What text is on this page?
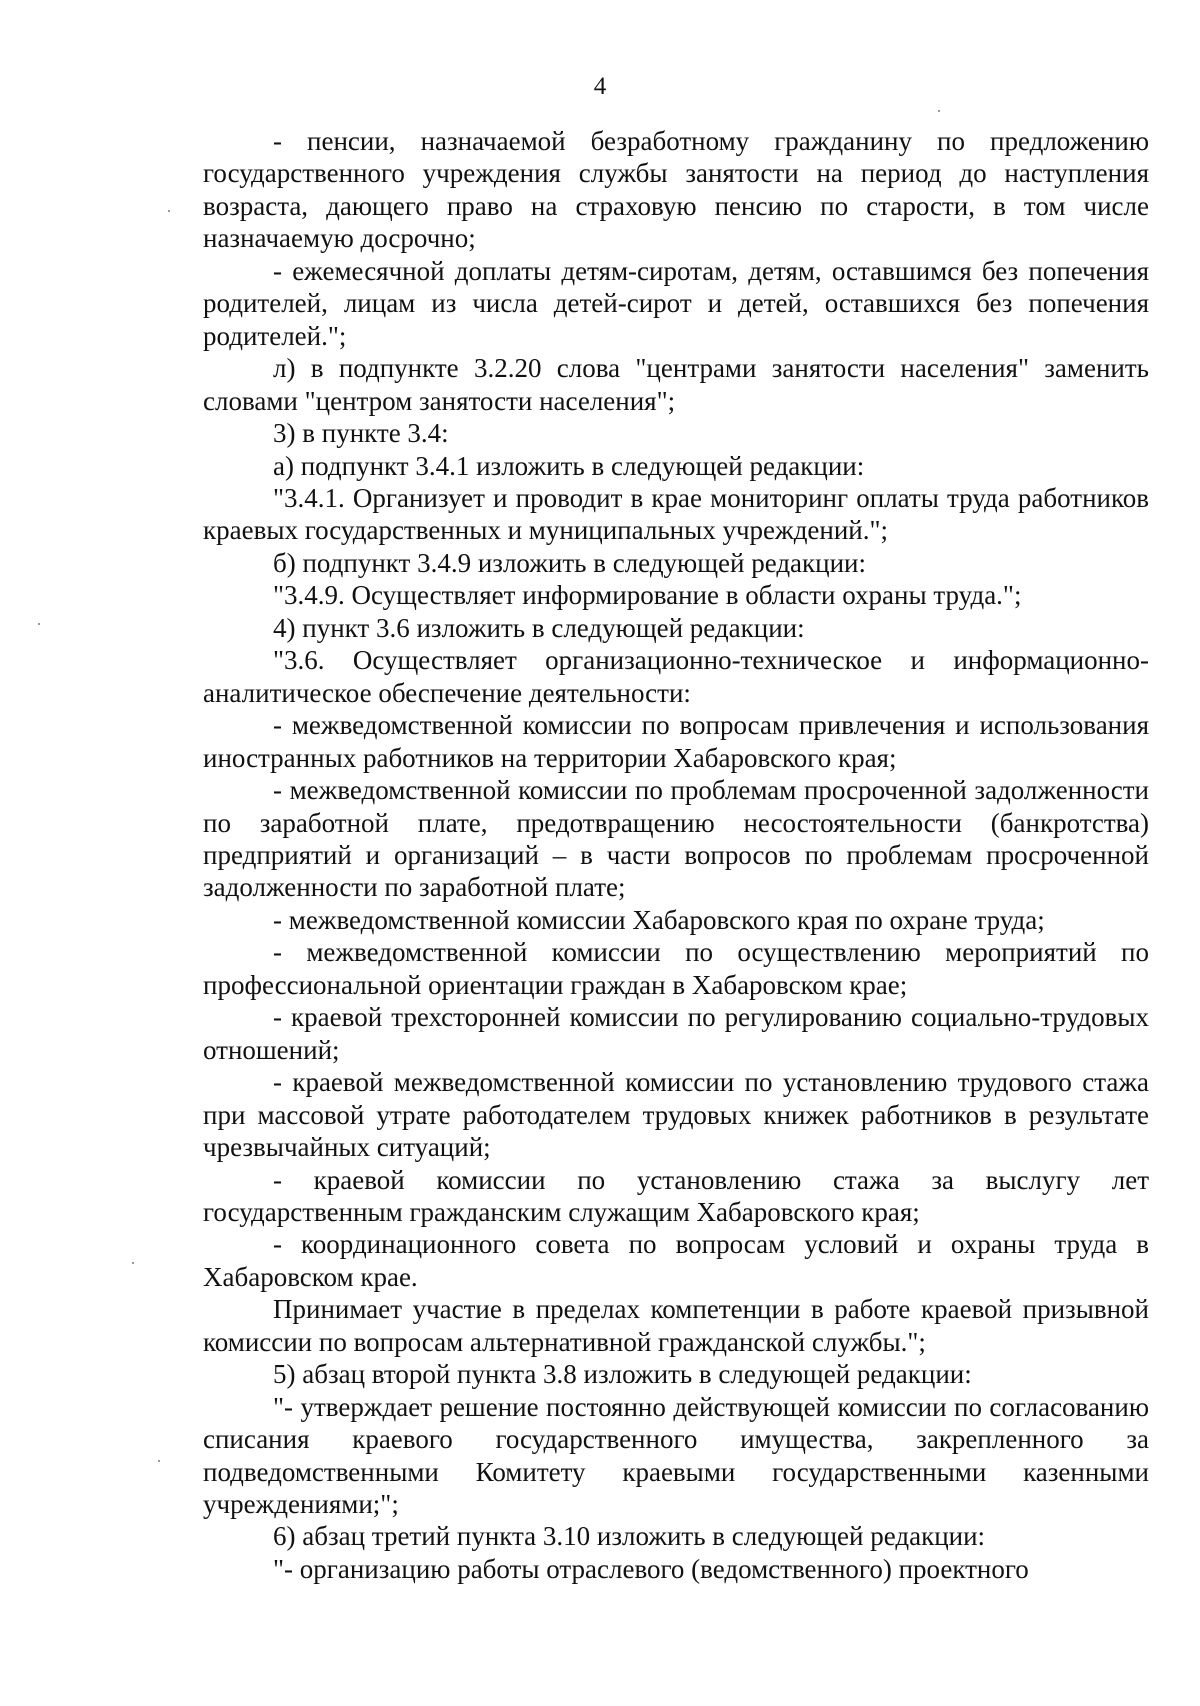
4

- пенсии, назначаемой безработному гражданину по предложению государственного учреждения службы занятости на период до наступления возраста, дающего право на страховую пенсию по старости, в том числе назначаемую досрочно;

- ежемесячной доплаты детям-сиротам, детям, оставшимся без попечения родителей, лицам из числа детей-сирот и детей, оставшихся без попечения родителей.";

л) в подпункте 3.2.20 слова "центрами занятости населения" заменить словами "центром занятости населения";

3) в пункте 3.4:

а) подпункт 3.4.1 изложить в следующей редакции:

"3.4.1. Организует и проводит в крае мониторинг оплаты труда работников краевых государственных и муниципальных учреждений.";

б) подпункт 3.4.9 изложить в следующей редакции:

"3.4.9. Осуществляет информирование в области охраны труда.";

4) пункт 3.6 изложить в следующей редакции:

"3.6. Осуществляет организационно-техническое и информационно-аналитическое обеспечение деятельности:

- межведомственной комиссии по вопросам привлечения и использования иностранных работников на территории Хабаровского края;

- межведомственной комиссии по проблемам просроченной задолженности по заработной плате, предотвращению несостоятельности (банкротства) предприятий и организаций – в части вопросов по проблемам просроченной задолженности по заработной плате;

- межведомственной комиссии Хабаровского края по охране труда;

- межведомственной комиссии по осуществлению мероприятий по профессиональной ориентации граждан в Хабаровском крае;

- краевой трехсторонней комиссии по регулированию социально-трудовых отношений;

- краевой межведомственной комиссии по установлению трудового стажа при массовой утрате работодателем трудовых книжек работников в результате чрезвычайных ситуаций;

- краевой комиссии по установлению стажа за выслугу лет государственным гражданским служащим Хабаровского края;

- координационного совета по вопросам условий и охраны труда в Хабаровском крае.

Принимает участие в пределах компетенции в работе краевой призывной комиссии по вопросам альтернативной гражданской службы.";

5) абзац второй пункта 3.8 изложить в следующей редакции:

"- утверждает решение постоянно действующей комиссии по согласованию списания краевого государственного имущества, закрепленного за подведомственными Комитету краевыми государственными казенными учреждениями;";

6) абзац третий пункта 3.10 изложить в следующей редакции:

"- организацию работы отраслевого (ведомственного) проектного
